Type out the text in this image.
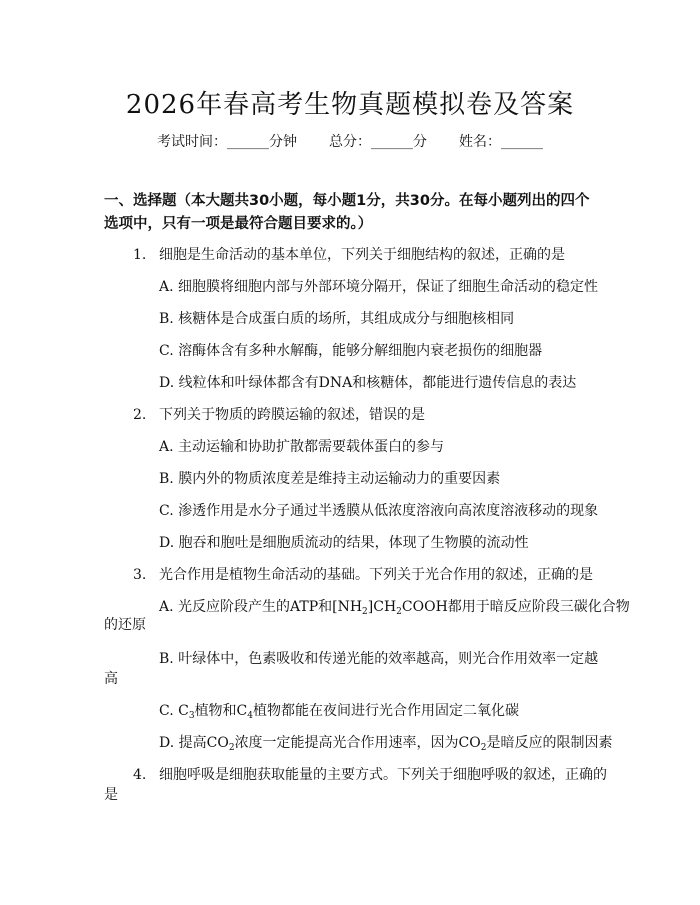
2026年春高考生物真题模拟卷及答案
考试时间：______分钟 总分：______分 姓名：______
一、选择题（本大题共30小题，每小题1分，共30分。在每小题列出的四个选项中，只有一项是最符合题目要求的。）
1. 细胞是生命活动的基本单位，下列关于细胞结构的叙述，正确的是
A. 细胞膜将细胞内部与外部环境分隔开，保证了细胞生命活动的稳定性
B. 核糖体是合成蛋白质的场所，其组成成分与细胞核相同
C. 溶酶体含有多种水解酶，能够分解细胞内衰老损伤的细胞器
D. 线粒体和叶绿体都含有DNA和核糖体，都能进行遗传信息的表达
2. 下列关于物质的跨膜运输的叙述，错误的是
A. 主动运输和协助扩散都需要载体蛋白的参与
B. 膜内外的物质浓度差是维持主动运输动力的重要因素
C. 渗透作用是水分子通过半透膜从低浓度溶液向高浓度溶液移动的现象
D. 胞吞和胞吐是细胞质流动的结果，体现了生物膜的流动性
3. 光合作用是植物生命活动的基础。下列关于光合作用的叙述，正确的是
A. 光反应阶段产生的ATP和$[NH_2]CH_2COOH$都用于暗反应阶段三碳化合物
的还原
B. 叶绿体中，色素吸收和传递光能的效率越高，则光合作用效率一定越
高
C. $C_3$植物和$C_4$植物都能在夜间进行光合作用固定二氧化碳
D. 提高$CO_2$浓度一定能提高光合作用速率，因为$CO_2$是暗反应的限制因素
4. 细胞呼吸是细胞获取能量的主要方式。下列关于细胞呼吸的叙述，正确的
是
